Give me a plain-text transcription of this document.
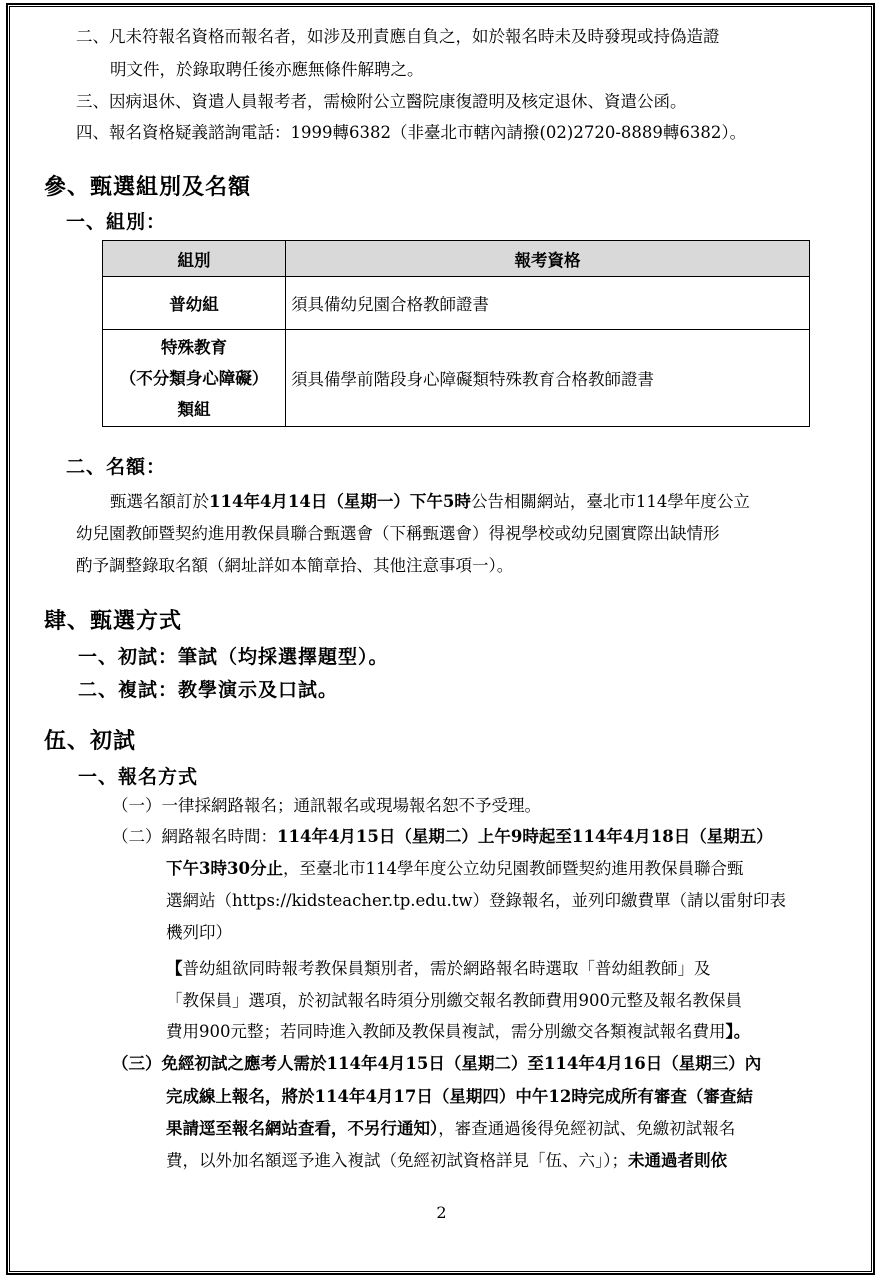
二、凡未符報名資格而報名者，如涉及刑責應自負之，如於報名時未及時發現或持偽造證
明文件，於錄取聘任後亦應無條件解聘之。
三、因病退休、資遣人員報考者，需檢附公立醫院康復證明及核定退休、資遣公函。
四、報名資格疑義諮詢電話：1999轉6382（非臺北市轄內請撥(02)2720-8889轉6382）。
參、甄選組別及名額
一、組別：
組別	報考資格
普幼組	須具備幼兒園合格教師證書

特殊教育
（不分類身心障礙）
類組	須具備學前階段身心障礙類特殊教育合格教師證書
二、名額：
甄選名額訂於114年4月14日（星期一）下午5時公告相關網站，臺北市114學年度公立
幼兒園教師暨契約進用教保員聯合甄選會（下稱甄選會）得視學校或幼兒園實際出缺情形
酌予調整錄取名額（網址詳如本簡章拾、其他注意事項一）。
肆、甄選方式
一、初試：筆試（均採選擇題型）。
二、複試：教學演示及口試。
伍、初試
一、報名方式
（一）一律採網路報名；通訊報名或現場報名恕不予受理。
（二）網路報名時間：114年4月15日（星期二）上午9時起至114年4月18日（星期五）
下午3時30分止，至臺北市114學年度公立幼兒園教師暨契約進用教保員聯合甄
選網站（https://kidsteacher.tp.edu.tw）登錄報名，並列印繳費單（請以雷射印表
機列印）
【普幼組欲同時報考教保員類別者，需於網路報名時選取「普幼組教師」及
「教保員」選項，於初試報名時須分別繳交報名教師費用900元整及報名教保員
費用900元整；若同時進入教師及教保員複試，需分別繳交各類複試報名費用】。
（三）免經初試之應考人需於114年4月15日（星期二）至114年4月16日（星期三）內
完成線上報名，將於114年4月17日（星期四）中午12時完成所有審查（審查結
果請逕至報名網站查看，不另行通知），審查通過後得免經初試、免繳初試報名
費，以外加名額逕予進入複試（免經初試資格詳見「伍、六」）；未通過者則依
2
